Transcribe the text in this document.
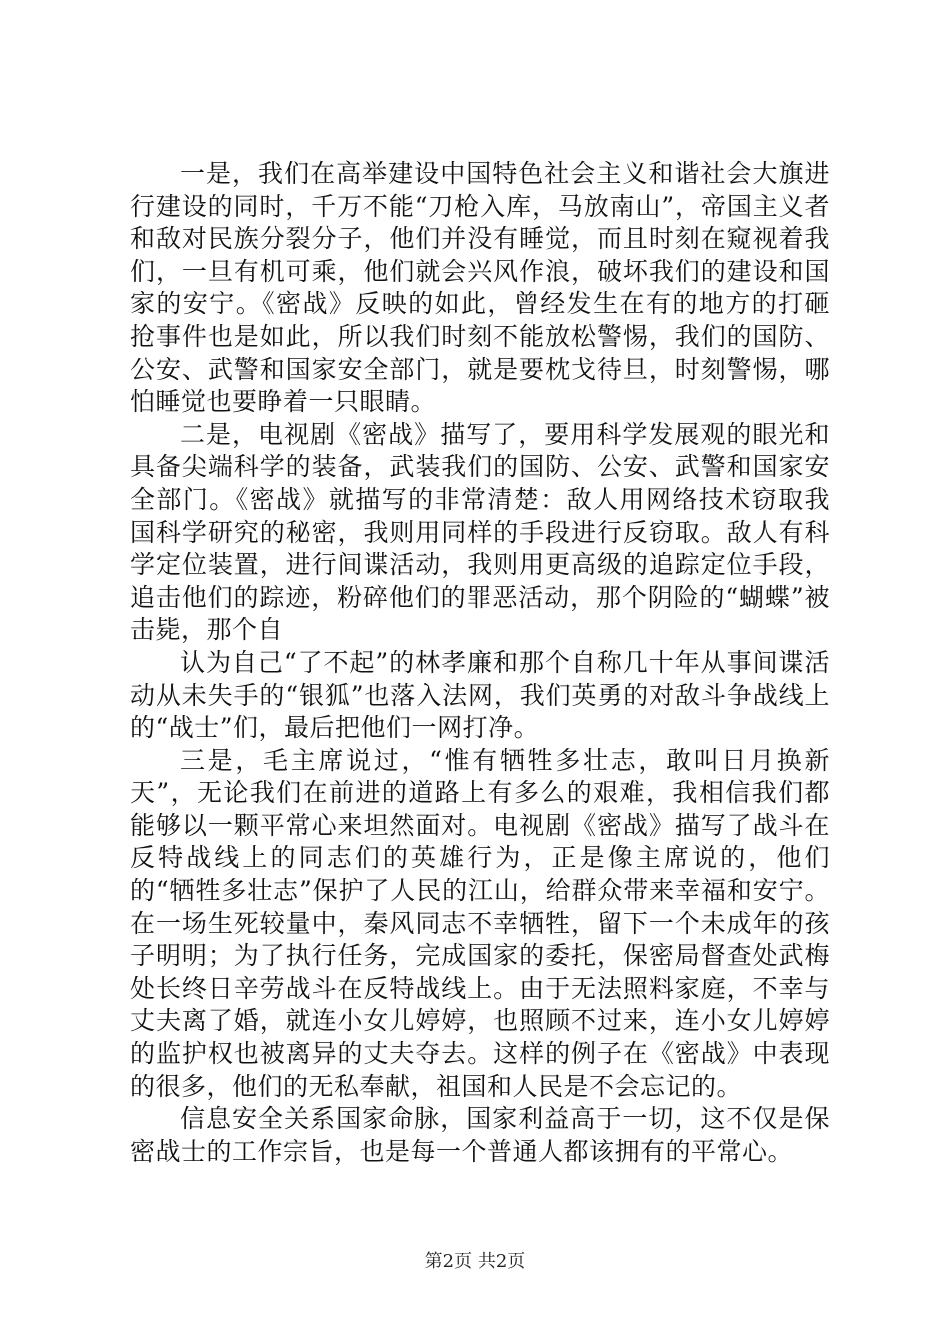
一是，我们在高举建设中国特色社会主义和谐社会大旗进行建设的同时，千万不能“刀枪入库，马放南山”，帝国主义者和敌对民族分裂分子，他们并没有睡觉，而且时刻在窥视着我们，一旦有机可乘，他们就会兴风作浪，破坏我们的建设和国家的安宁。《密战》反映的如此，曾经发生在有的地方的打砸抢事件也是如此，所以我们时刻不能放松警惕，我们的国防、公安、武警和国家安全部门，就是要枕戈待旦，时刻警惕，哪怕睡觉也要睁着一只眼睛。

二是，电视剧《密战》描写了，要用科学发展观的眼光和具备尖端科学的装备，武装我们的国防、公安、武警和国家安全部门。《密战》就描写的非常清楚：敌人用网络技术窃取我国科学研究的秘密，我则用同样的手段进行反窃取。敌人有科学定位装置，进行间谍活动，我则用更高级的追踪定位手段，追击他们的踪迹，粉碎他们的罪恶活动，那个阴险的“蝴蝶”被击毙，那个自

认为自己“了不起”的林孝廉和那个自称几十年从事间谍活动从未失手的“银狐”也落入法网，我们英勇的对敌斗争战线上的“战士”们，最后把他们一网打净。

三是，毛主席说过，“惟有牺牲多壮志，敢叫日月换新天”，无论我们在前进的道路上有多么的艰难，我相信我们都能够以一颗平常心来坦然面对。电视剧《密战》描写了战斗在反特战线上的同志们的英雄行为，正是像主席说的，他们的“牺牲多壮志”保护了人民的江山，给群众带来幸福和安宁。在一场生死较量中，秦风同志不幸牺牲，留下一个未成年的孩子明明；为了执行任务，完成国家的委托，保密局督查处武梅处长终日辛劳战斗在反特战线上。由于无法照料家庭，不幸与丈夫离了婚，就连小女儿婷婷，也照顾不过来，连小女儿婷婷的监护权也被离异的丈夫夺去。这样的例子在《密战》中表现的很多，他们的无私奉献，祖国和人民是不会忘记的。

信息安全关系国家命脉，国家利益高于一切，这不仅是保密战士的工作宗旨，也是每一个普通人都该拥有的平常心。

第2页 共2页
